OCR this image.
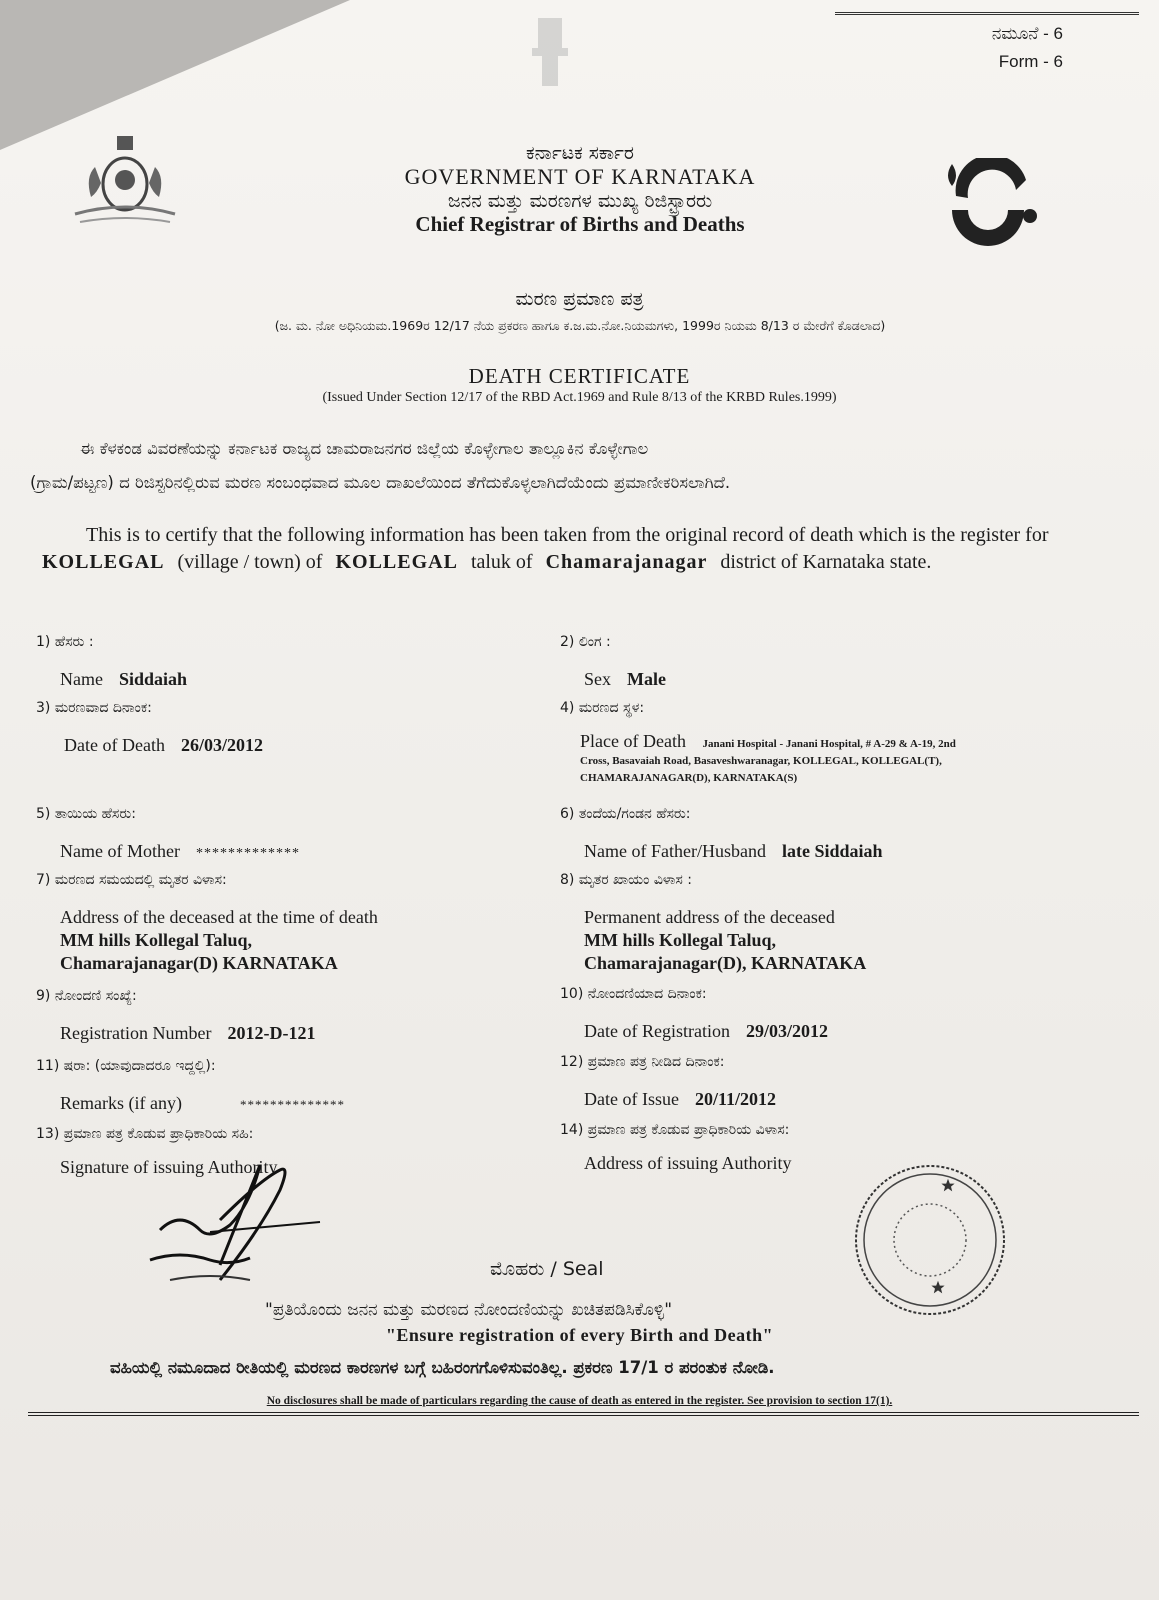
ನಮೂನೆ - 6
Form - 6
ಕರ್ನಾಟಕ ಸರ್ಕಾರ
GOVERNMENT OF KARNATAKA
ಜನನ ಮತ್ತು ಮರಣಗಳ ಮುಖ್ಯ ರಿಜಿಸ್ಟ್ರಾರರು
Chief Registrar of Births and Deaths
ಮರಣ ಪ್ರಮಾಣ ಪತ್ರ
(ಜ. ಮ. ನೋ ಅಧಿನಿಯಮ.1969ರ 12/17 ನೆಯ ಪ್ರಕರಣ ಹಾಗೂ ಕ.ಜ.ಮ.ನೋ.ನಿಯಮಗಳು, 1999ರ ನಿಯಮ 8/13 ರ ಮೇರೆಗೆ ಕೊಡಲಾದ)
DEATH CERTIFICATE
(Issued Under Section 12/17 of the RBD Act.1969 and Rule 8/13 of the KRBD Rules.1999)
ಈ ಕೆಳಕಂಡ ವಿವರಣೆಯನ್ನು ಕರ್ನಾಟಕ ರಾಜ್ಯದ ಚಾಮರಾಜನಗರ ಜಿಲ್ಲೆಯ ಕೊಳ್ಳೇಗಾಲ ತಾಲ್ಲೂಕಿನ ಕೊಳ್ಳೇಗಾಲ
(ಗ್ರಾಮ/ಪಟ್ಟಣ) ದ ರಿಜಿಸ್ಟರಿನಲ್ಲಿರುವ ಮರಣ ಸಂಬಂಧವಾದ ಮೂಲ ದಾಖಲೆಯಿಂದ ತೆಗೆದುಕೊಳ್ಳಲಾಗಿದೆಯೆಂದು ಪ್ರಮಾಣೀಕರಿಸಲಾಗಿದೆ.
This is to certify that the following information has been taken from the original record of death which is the register for KOLLEGAL (village / town) of KOLLEGAL taluk of Chamarajanagar district of Karnataka state.
1) ಹೆಸರು :
Name Siddaiah
3) ಮರಣವಾದ ದಿನಾಂಕ:
Date of Death 26/03/2012
5) ತಾಯಿಯ ಹೆಸರು:
Name of Mother *************
7) ಮರಣದ ಸಮಯದಲ್ಲಿ ಮೃತರ ವಿಳಾಸ:
Address of the deceased at the time of death
MM hills Kollegal Taluq,
Chamarajanagar(D) KARNATAKA
9) ನೋಂದಣಿ ಸಂಖ್ಯೆ:
Registration Number 2012-D-121
11) ಷರಾ: (ಯಾವುದಾದರೂ ಇದ್ದಲ್ಲಿ):
Remarks (if any)	**************
13) ಪ್ರಮಾಣ ಪತ್ರ ಕೊಡುವ ಪ್ರಾಧಿಕಾರಿಯ ಸಹಿ:
Signature of issuing Authority
2) ಲಿಂಗ :
Sex Male
4) ಮರಣದ ಸ್ಥಳ:
Place of Death Janani Hospital - Janani Hospital, # A-29 & A-19, 2nd
Cross, Basavaiah Road, Basaveshwaranagar, KOLLEGAL, KOLLEGAL(T),
CHAMARAJANAGAR(D), KARNATAKA(S)
6) ತಂದೆಯ/ಗಂಡನ ಹೆಸರು:
Name of Father/Husband late Siddaiah
8) ಮೃತರ ಖಾಯಂ ವಿಳಾಸ :
Permanent address of the deceased
MM hills Kollegal Taluq,
Chamarajanagar(D), KARNATAKA
10) ನೋಂದಣಿಯಾದ ದಿನಾಂಕ:
Date of Registration 29/03/2012
12) ಪ್ರಮಾಣ ಪತ್ರ ನೀಡಿದ ದಿನಾಂಕ:
Date of Issue 20/11/2012
14) ಪ್ರಮಾಣ ಪತ್ರ ಕೊಡುವ ಪ್ರಾಧಿಕಾರಿಯ ವಿಳಾಸ:
Address of issuing Authority
ಮೊಹರು / Seal
"ಪ್ರತಿಯೊಂದು ಜನನ ಮತ್ತು ಮರಣದ ನೋಂದಣಿಯನ್ನು ಖಚಿತಪಡಿಸಿಕೊಳ್ಳಿ"
"Ensure registration of every Birth and Death"
ವಹಿಯಲ್ಲಿ ನಮೂದಾದ ರೀತಿಯಲ್ಲಿ ಮರಣದ ಕಾರಣಗಳ ಬಗ್ಗೆ ಬಹಿರಂಗಗೊಳಿಸುವಂತಿಲ್ಲ. ಪ್ರಕರಣ 17/1 ರ ಪರಂತುಕ ನೋಡಿ.
No disclosures shall be made of particulars regarding the cause of death as entered in the register. See provision to section 17(1).
